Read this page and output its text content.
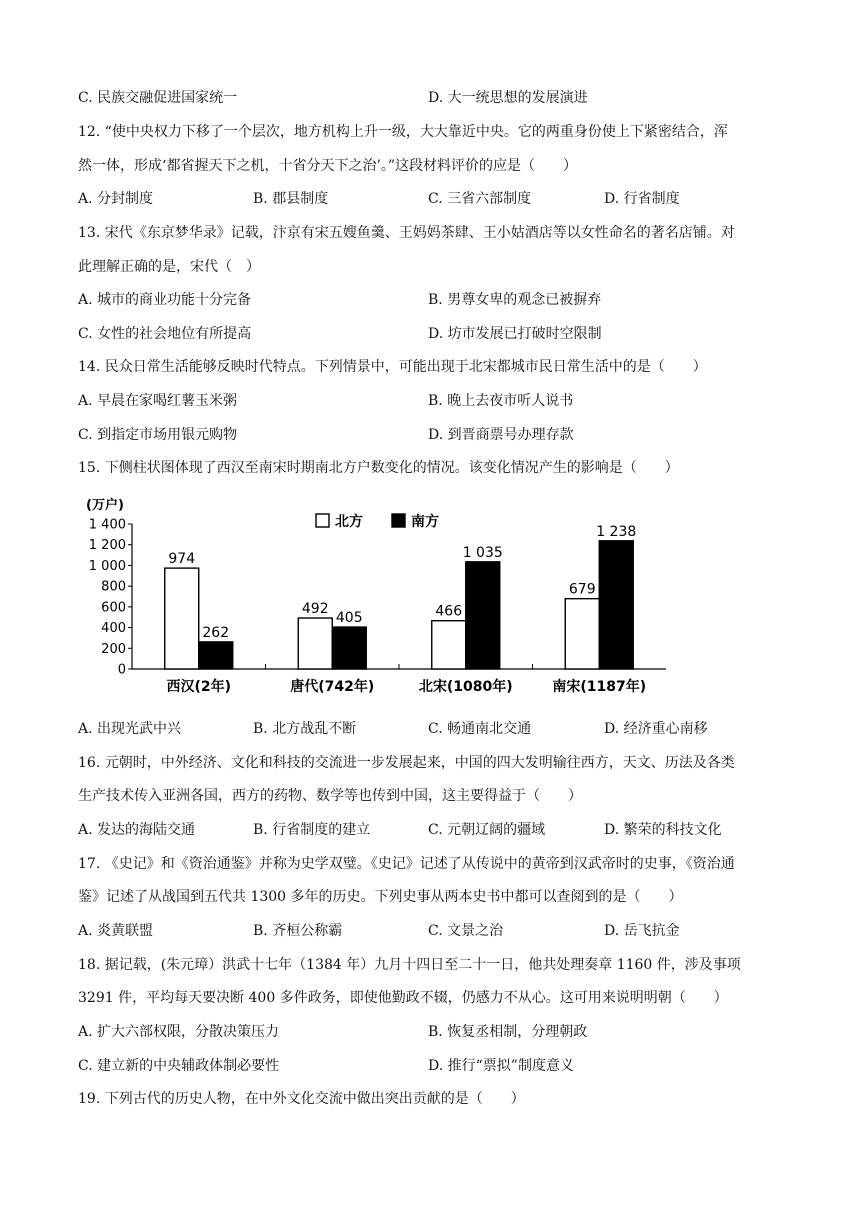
C. 民族交融促进国家统一	D. 大一统思想的发展演进
12. “使中央权力下移了一个层次，地方机构上升一级，大大靠近中央。它的两重身份使上下紧密结合，浑
然一体，形成‘都省握天下之机，十省分天下之治’。”这段材料评价的应是（　　）
A. 分封制度	B. 郡县制度	C. 三省六部制度	D. 行省制度
13. 宋代《东京梦华录》记载，汴京有宋五嫂鱼羹、王妈妈茶肆、王小姑酒店等以女性命名的著名店铺。对
此理解正确的是，宋代（　）
A. 城市的商业功能十分完备	B. 男尊女卑的观念已被摒弃
C. 女性的社会地位有所提高	D. 坊市发展已打破时空限制
14. 民众日常生活能够反映时代特点。下列情景中，可能出现于北宋都城市民日常生活中的是（　　）
A. 早晨在家喝红薯玉米粥	B. 晚上去夜市听人说书
C. 到指定市场用银元购物	D. 到晋商票号办理存款
15. 下侧柱状图体现了西汉至南宋时期南北方户数变化的情况。该变化情况产生的影响是（　　）
(万户)
0
200
400
600
800
1 000
1 200
1 400
西汉(2年)	唐代(742年)	北宋(1080年)	南宋(1187年)
974
262
492
405	466
1 035
679
1 238
北方	南方
A. 出现光武中兴	B. 北方战乱不断	C. 畅通南北交通	D. 经济重心南移
16. 元朝时，中外经济、文化和科技的交流进一步发展起来，中国的四大发明输往西方，天文、历法及各类
生产技术传入亚洲各国，西方的药物、数学等也传到中国，这主要得益于（　　）
A. 发达的海陆交通	B. 行省制度的建立	C. 元朝辽阔的疆域	D. 繁荣的科技文化
17. 《史记》和《资治通鉴》并称为史学双璧。《史记》记述了从传说中的黄帝到汉武帝时的史事，《资治通
鉴》记述了从战国到五代共 1300 多年的历史。下列史事从两本史书中都可以查阅到的是（　　）
A. 炎黄联盟	B. 齐桓公称霸	C. 文景之治	D. 岳飞抗金
18. 据记载，(朱元璋）洪武十七年（1384 年）九月十四日至二十一日，他共处理奏章 1160 件，涉及事项
3291 件，平均每天要决断 400 多件政务，即使他勤政不辍，仍感力不从心。这可用来说明明朝（　　）
A. 扩大六部权限，分散决策压力	B. 恢复丞相制，分理朝政
C. 建立新的中央辅政体制必要性	D. 推行“票拟”制度意义
19. 下列古代的历史人物，在中外文化交流中做出突出贡献的是（　　）
